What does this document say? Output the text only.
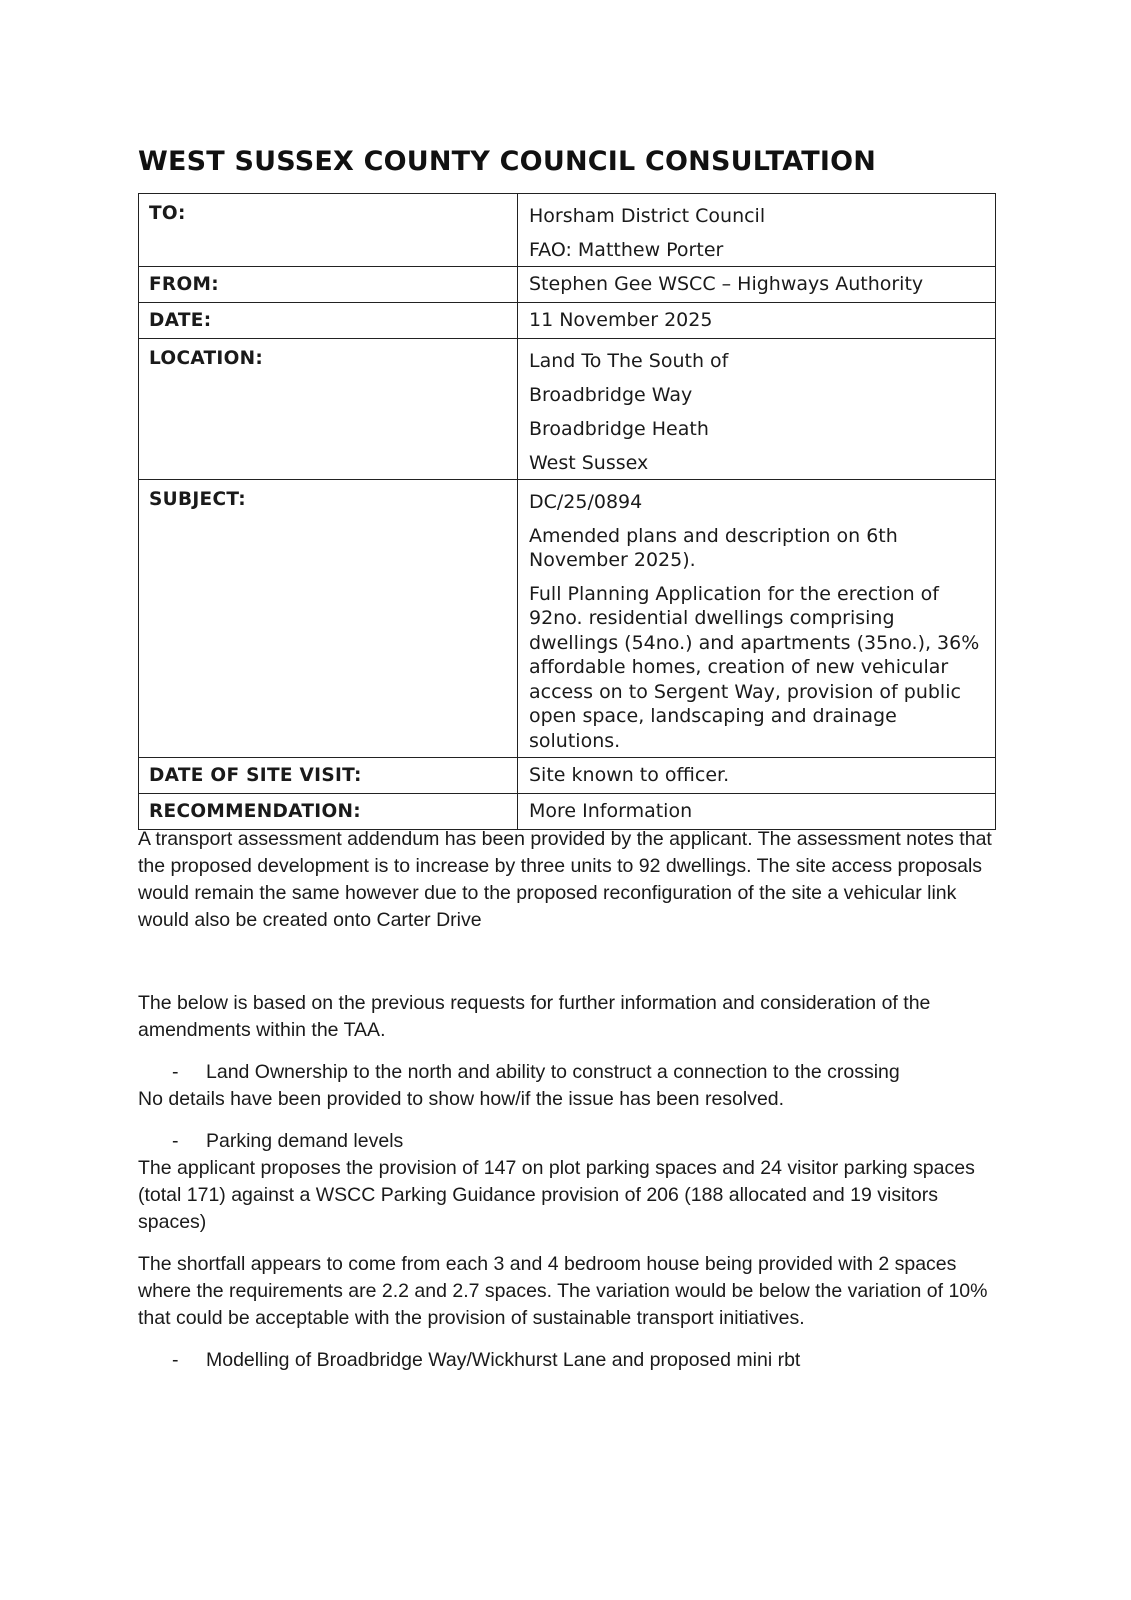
WEST SUSSEX COUNTY COUNCIL CONSULTATION
TO:	Horsham District Council
FAO: Matthew Porter

FROM:	Stephen Gee WSCC – Highways Authority

DATE:	11 November 2025

LOCATION:	Land To The South of
Broadbridge Way
Broadbridge Heath
West Sussex

SUBJECT:	DC/25/0894
Amended plans and description on 6th November 2025).
Full Planning Application for the erection of 92no. residential dwellings comprising dwellings (54no.) and apartments (35no.), 36% affordable homes, creation of new vehicular access on to Sergent Way, provision of public open space, landscaping and drainage solutions.

DATE OF SITE VISIT:	Site known to officer.

RECOMMENDATION:	More Information

A transport assessment addendum has been provided by the applicant. The assessment notes that the proposed development is to increase by three units to 92 dwellings. The site access proposals would remain the same however due to the proposed reconfiguration of the site a vehicular link would also be created onto Carter Drive

The below is based on the previous requests for further information and consideration of the amendments within the TAA.

- Land Ownership to the north and ability to construct a connection to the crossing

No details have been provided to show how/if the issue has been resolved.

- Parking demand levels

The applicant proposes the provision of 147 on plot parking spaces and 24 visitor parking spaces (total 171) against a WSCC Parking Guidance provision of 206 (188 allocated and 19 visitors spaces)

The shortfall appears to come from each 3 and 4 bedroom house being provided with 2 spaces where the requirements are 2.2 and 2.7 spaces. The variation would be below the variation of 10% that could be acceptable with the provision of sustainable transport initiatives.

- Modelling of Broadbridge Way/Wickhurst Lane and proposed mini rbt
